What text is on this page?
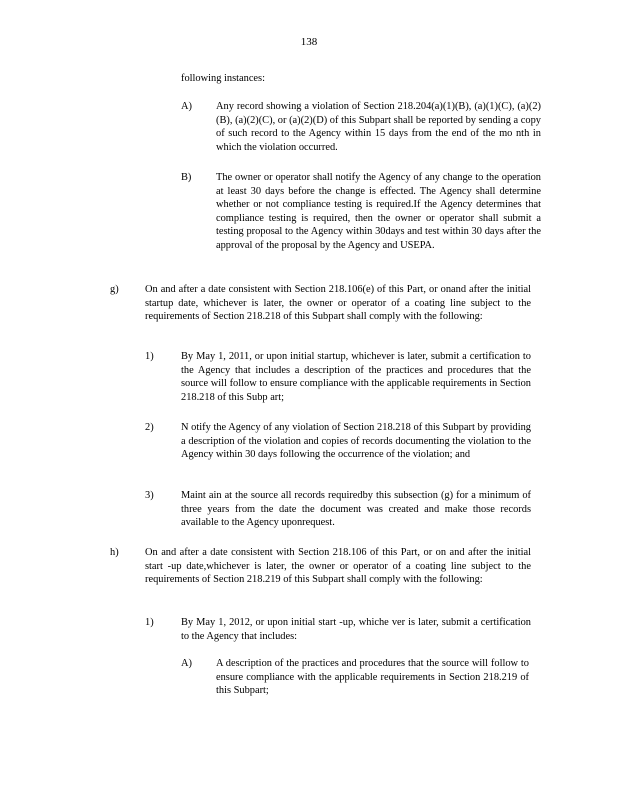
138
following instances:
A) Any record showing a violation of Section 218.204(a)(1)(B), (a)(1)(C), (a)(2)(B), (a)(2)(C), or (a)(2)(D) of this Subpart shall be reported by sending a copy of such record to the Agency within 15 days from the end of the mo nth in which the violation occurred.
B) The owner or operator shall notify the Agency of any change to the operation at least 30 days before the change is effected. The Agency shall determine whether or not compliance testing is required.If the Agency determines that compliance testing is required, then the owner or operator shall submit a testing proposal to the Agency within 30days and test within 30 days after the approval of the proposal by the Agency and USEPA.
g)	On and after a date consistent with Section 218.106(e) of this Part, or onand after the initial startup date, whichever is later, the owner or operator of a coating line subject to the requirements of Section 218.218 of this Subpart shall comply with the following:
1)	By May 1, 2011, or upon initial startup, whichever is later, submit a certification to the Agency that includes a description of the practices and procedures that the source will follow to ensure compliance with the applicable requirements in Section 218.218 of this Subp art;
2)	N otify the Agency of any violation of Section 218.218 of this Subpart by providing a description of the violation and copies of records documenting the violation to the Agency within 30 days following the occurrence of the violation; and
3)	Maint ain at the source all records requiredby this subsection (g) for a minimum of three years from the date the document was created and make those records available to the Agency uponrequest.
h)	On and after a date consistent with Section 218.106 of this Part, or on and after the initial start -up date,whichever is later, the owner or operator of a coating line subject to the requirements of Section 218.219 of this Subpart shall comply with the following:
1)	By May 1, 2012, or upon initial start -up, whiche ver is later, submit a certification to the Agency that includes:
A) A description of the practices and procedures that the source will follow to ensure compliance with the applicable requirements in Section 218.219 of this Subpart;
